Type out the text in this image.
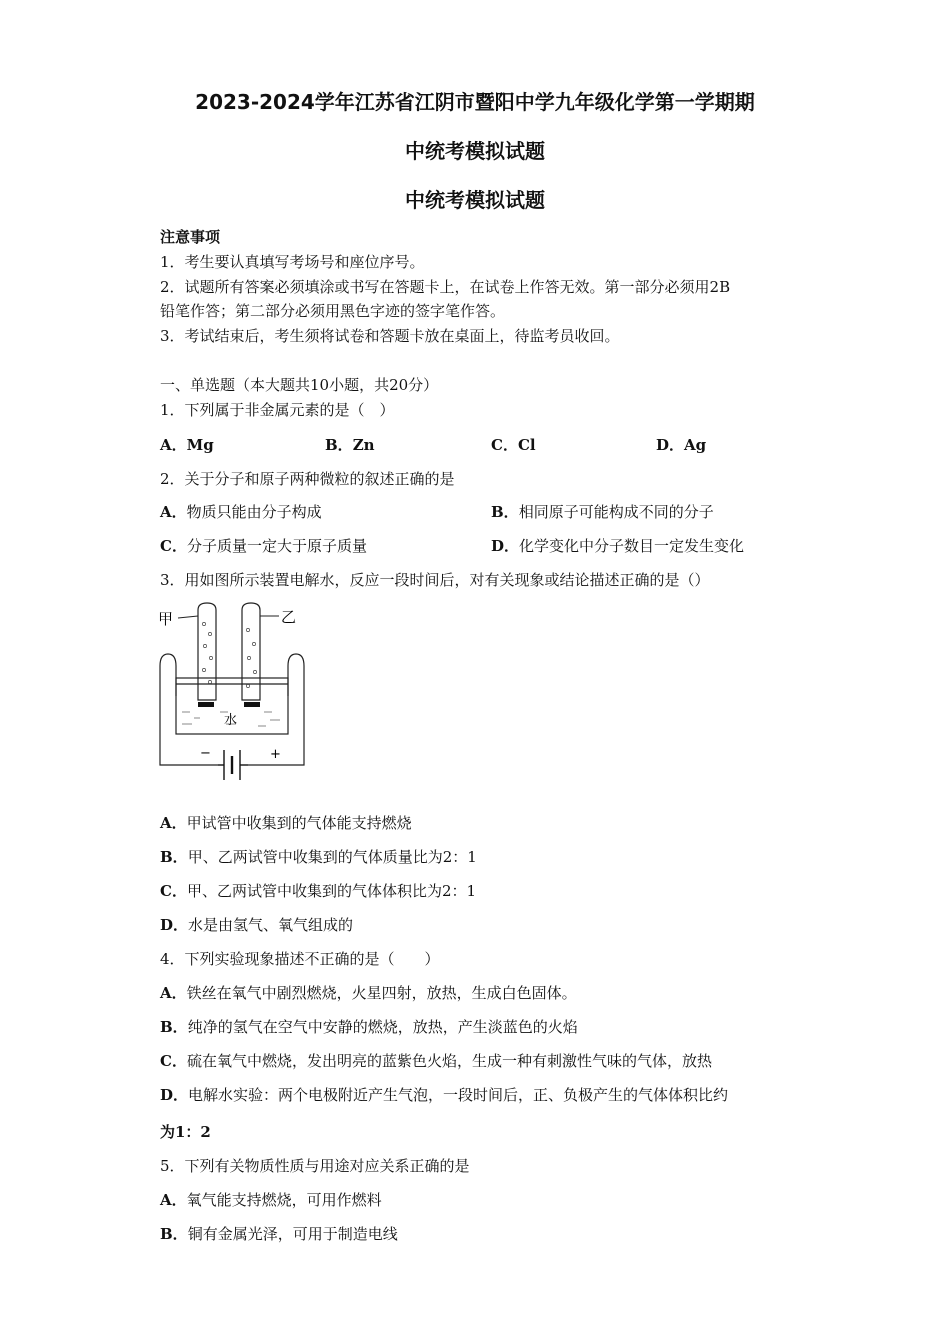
2023-2024学年江苏省江阴市暨阳中学九年级化学第一学期期
中统考模拟试题
中统考模拟试题

注意事项

1．考生要认真填写考场号和座位序号。

2．试题所有答案必须填涂或书写在答题卡上，在试卷上作答无效。第一部分必须用2B

铅笔作答；第二部分必须用黑色字迹的签字笔作答。

3．考试结束后，考生须将试卷和答题卡放在桌面上，待监考员收回。

一、单选题（本大题共10小题，共20分）

1．下列属于非金属元素的是（　）

A．Mg	B．Zn	C．Cl	D．Ag

2．关于分子和原子两种微粒的叙述正确的是

A．物质只能由分子构成	B．相同原子可能构成不同的分子
C．分子质量一定大于原子质量	D．化学变化中分子数目一定发生变化

3．用如图所示装置电解水，反应一段时间后，对有关现象或结论描述正确的是（）

甲	乙
水
−	+
A．甲试管中收集到的气体能支持燃烧
B．甲、乙两试管中收集到的气体质量比为2：1
C．甲、乙两试管中收集到的气体体积比为2：1
D．水是由氢气、氧气组成的

4．下列实验现象描述不正确的是（　　）

A．铁丝在氧气中剧烈燃烧，火星四射，放热，生成白色固体。
B．纯净的氢气在空气中安静的燃烧，放热，产生淡蓝色的火焰
C．硫在氧气中燃烧，发出明亮的蓝紫色火焰，生成一种有刺激性气味的气体，放热
D．电解水实验：两个电极附近产生气泡，一段时间后，正、负极产生的气体体积比约

为1：2

5．下列有关物质性质与用途对应关系正确的是

A．氧气能支持燃烧，可用作燃料
B．铜有金属光泽，可用于制造电线
